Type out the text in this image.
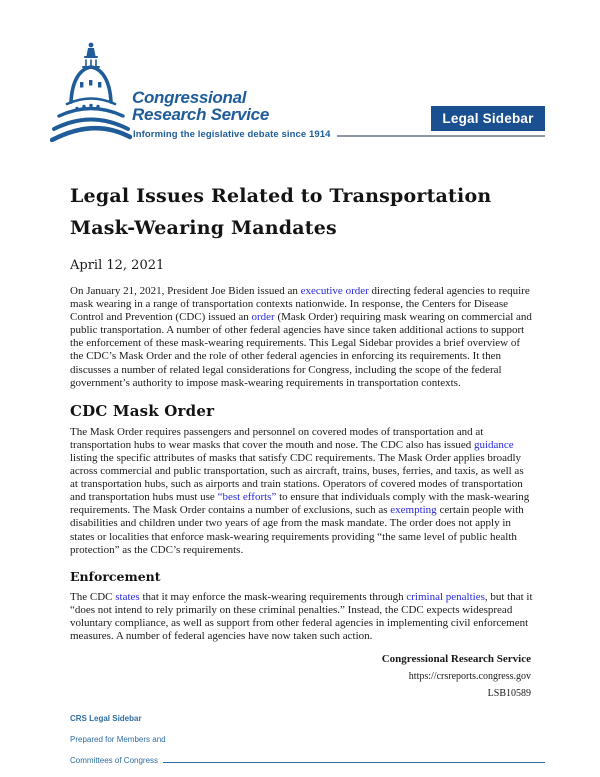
Congressional
Research Service	Legal Sidebar
Informing the legislative debate since 1914
Legal Issues Related to Transportation
Mask-Wearing Mandates
April 12, 2021

On January 21, 2021, President Joe Biden issued an executive order directing federal agencies to require mask wearing in a range of transportation contexts nationwide. In response, the Centers for Disease Control and Prevention (CDC) issued an order (Mask Order) requiring mask wearing on commercial and public transportation. A number of other federal agencies have since taken additional actions to support the enforcement of these mask-wearing requirements. This Legal Sidebar provides a brief overview of the CDC’s Mask Order and the role of other federal agencies in enforcing its requirements. It then discusses a number of related legal considerations for Congress, including the scope of the federal government’s authority to impose mask-wearing requirements in transportation contexts.

CDC Mask Order

The Mask Order requires passengers and personnel on covered modes of transportation and at transportation hubs to wear masks that cover the mouth and nose. The CDC also has issued guidance listing the specific attributes of masks that satisfy CDC requirements. The Mask Order applies broadly across commercial and public transportation, such as aircraft, trains, buses, ferries, and taxis, as well as at transportation hubs, such as airports and train stations. Operators of covered modes of transportation and transportation hubs must use “best efforts” to ensure that individuals comply with the mask-wearing requirements. The Mask Order contains a number of exclusions, such as exempting certain people with disabilities and children under two years of age from the mask mandate. The order does not apply in states or localities that enforce mask-wearing requirements providing “the same level of public health protection” as the CDC’s requirements.

Enforcement

The CDC states that it may enforce the mask-wearing requirements through criminal penalties, but that it “does not intend to rely primarily on these criminal penalties.” Instead, the CDC expects widespread voluntary compliance, as well as support from other federal agencies in implementing civil enforcement measures. A number of federal agencies have now taken such action.

Congressional Research Service
https://crsreports.congress.gov
LSB10589
CRS Legal Sidebar
Prepared for Members and
Committees of Congress
